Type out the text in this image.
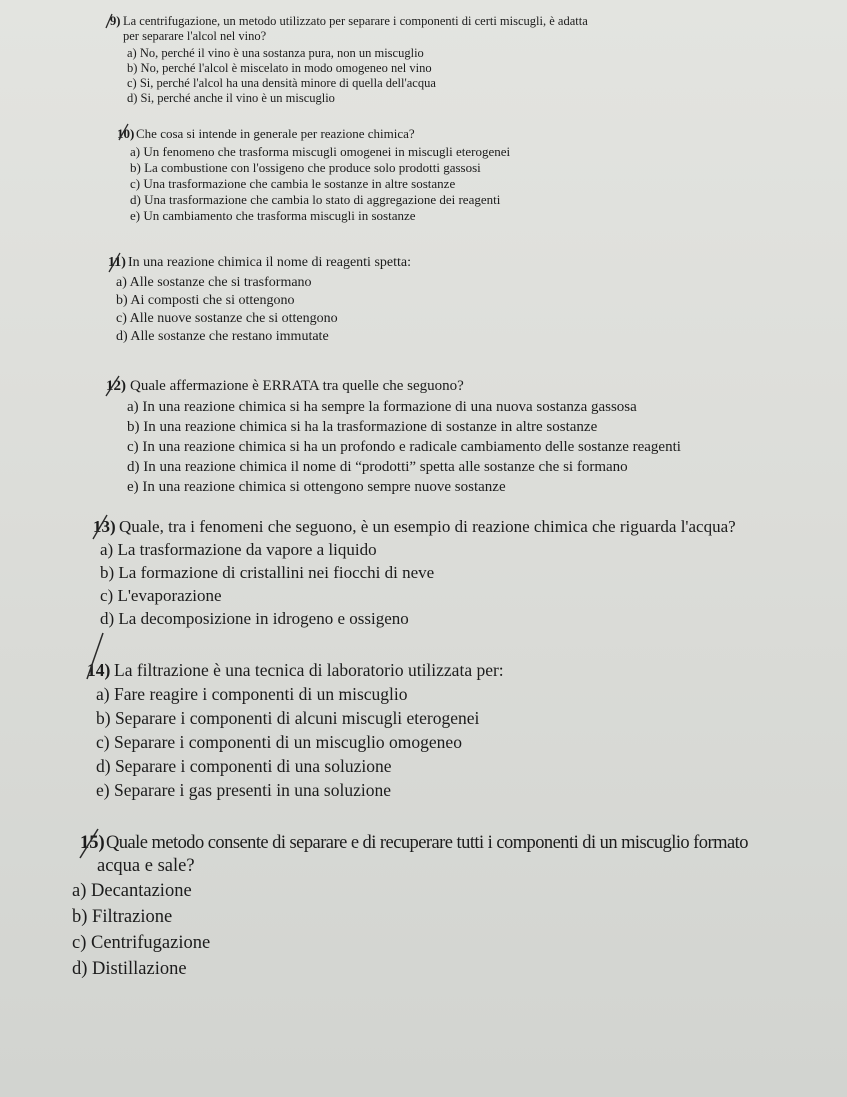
9) La centrifugazione, un metodo utilizzato per separare i componenti di certi miscugli, è adatta
per separare l'alcol nel vino?
a) No, perché il vino è una sostanza pura, non un miscuglio
b) No, perché l'alcol è miscelato in modo omogeneo nel vino
c) Si, perché l'alcol ha una densità minore di quella dell'acqua
d) Si, perché anche il vino è un miscuglio
10) Che cosa si intende in generale per reazione chimica?
a) Un fenomeno che trasforma miscugli omogenei in miscugli eterogenei
b) La combustione con l'ossigeno che produce solo prodotti gassosi
c) Una trasformazione che cambia le sostanze in altre sostanze
d) Una trasformazione che cambia lo stato di aggregazione dei reagenti
e) Un cambiamento che trasforma miscugli in sostanze
11) In una reazione chimica il nome di reagenti spetta:
a) Alle sostanze che si trasformano
b) Ai composti che si ottengono
c) Alle nuove sostanze che si ottengono
d) Alle sostanze che restano immutate
12) Quale affermazione è ERRATA tra quelle che seguono?
a) In una reazione chimica si ha sempre la formazione di una nuova sostanza gassosa
b) In una reazione chimica si ha la trasformazione di sostanze in altre sostanze
c) In una reazione chimica si ha un profondo e radicale cambiamento delle sostanze reagenti
d) In una reazione chimica il nome di “prodotti” spetta alle sostanze che si formano
e) In una reazione chimica si ottengono sempre nuove sostanze
13) Quale, tra i fenomeni che seguono, è un esempio di reazione chimica che riguarda l'acqua?
a) La trasformazione da vapore a liquido
b) La formazione di cristallini nei fiocchi di neve
c) L'evaporazione
d) La decomposizione in idrogeno e ossigeno
14) La filtrazione è una tecnica di laboratorio utilizzata per:
a) Fare reagire i componenti di un miscuglio
b) Separare i componenti di alcuni miscugli eterogenei
c) Separare i componenti di un miscuglio omogeneo
d) Separare i componenti di una soluzione
e) Separare i gas presenti in una soluzione
15) Quale metodo consente di separare e di recuperare tutti i componenti di un miscuglio formato
acqua e sale?
a) Decantazione
b) Filtrazione
c) Centrifugazione
d) Distillazione
